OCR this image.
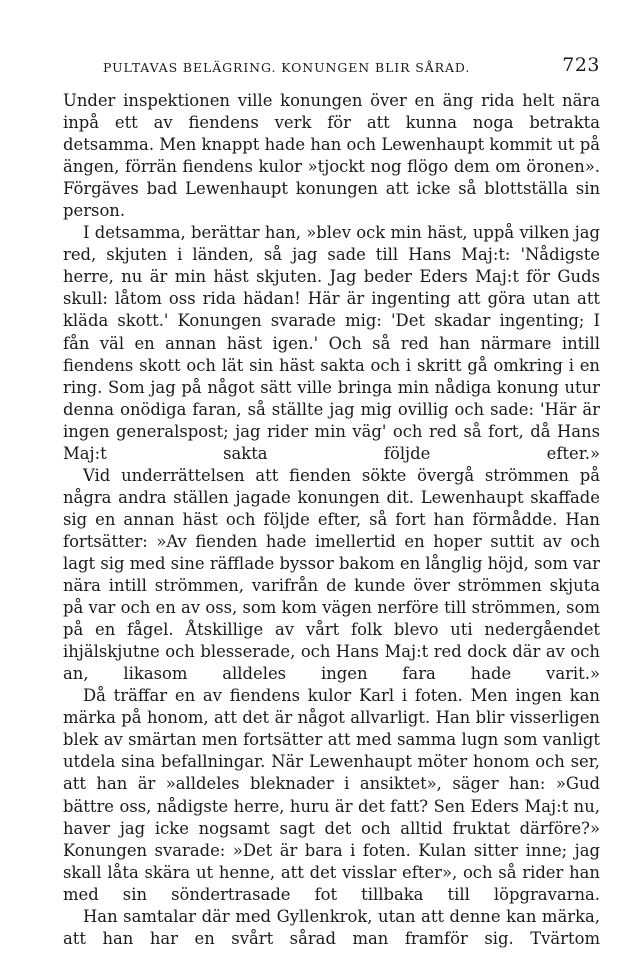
PULTAVAS BELÄGRING. KONUNGEN BLIR SÅRAD.	723

Under inspektionen ville konungen över en äng rida helt nära inpå ett av fiendens verk för att kunna noga betrakta detsamma. Men knappt hade han och Lewenhaupt kommit ut på ängen, förrän fiendens kulor »tjockt nog flögo dem om öronen». Förgäves bad Lewenhaupt konungen att icke så blottställa sin person.

I detsamma, berättar han, »blev ock min häst, uppå vilken jag red, skjuten i länden, så jag sade till Hans Maj:t: 'Nådigste herre, nu är min häst skjuten. Jag beder Eders Maj:t för Guds skull: låtom oss rida hädan! Här är ingenting att göra utan att kläda skott.' Konungen svarade mig: 'Det skadar ingenting; I fån väl en annan häst igen.' Och så red han närmare intill fiendens skott och lät sin häst sakta och i skritt gå omkring i en ring. Som jag på något sätt ville bringa min nådiga konung utur denna onödiga faran, så ställte jag mig ovillig och sade: 'Här är ingen generalspost; jag rider min väg' och red så fort, då Hans Maj:t sakta följde efter.»

Vid underrättelsen att fienden sökte övergå strömmen på några andra ställen jagade konungen dit. Lewenhaupt skaffade sig en annan häst och följde efter, så fort han förmådde. Han fortsätter: »Av fienden hade imellertid en hoper suttit av och lagt sig med sine räfflade byssor bakom en långlig höjd, som var nära intill strömmen, varifrån de kunde över strömmen skjuta på var och en av oss, som kom vägen nerföre till strömmen, som på en fågel. Åtskillige av vårt folk blevo uti nedergåendet ihjälskjutne och blesserade, och Hans Maj:t red dock där av och an, likasom alldeles ingen fara hade varit.»

Då träffar en av fiendens kulor Karl i foten. Men ingen kan märka på honom, att det är något allvarligt. Han blir visserligen blek av smärtan men fortsätter att med samma lugn som vanligt utdela sina befallningar. När Lewenhaupt möter honom och ser, att han är »alldeles bleknader i ansiktet», säger han: »Gud bättre oss, nådigste herre, huru är det fatt? Sen Eders Maj:t nu, haver jag icke nogsamt sagt det och alltid fruktat därföre?» Konungen svarade: »Det är bara i foten. Kulan sitter inne; jag skall låta skära ut henne, att det visslar efter», och så rider han med sin söndertrasade fot tillbaka till löpgravarna.

Han samtalar där med Gyllenkrok, utan att denne kan märka, att han har en svårt sårad man framför sig. Tvärtom
